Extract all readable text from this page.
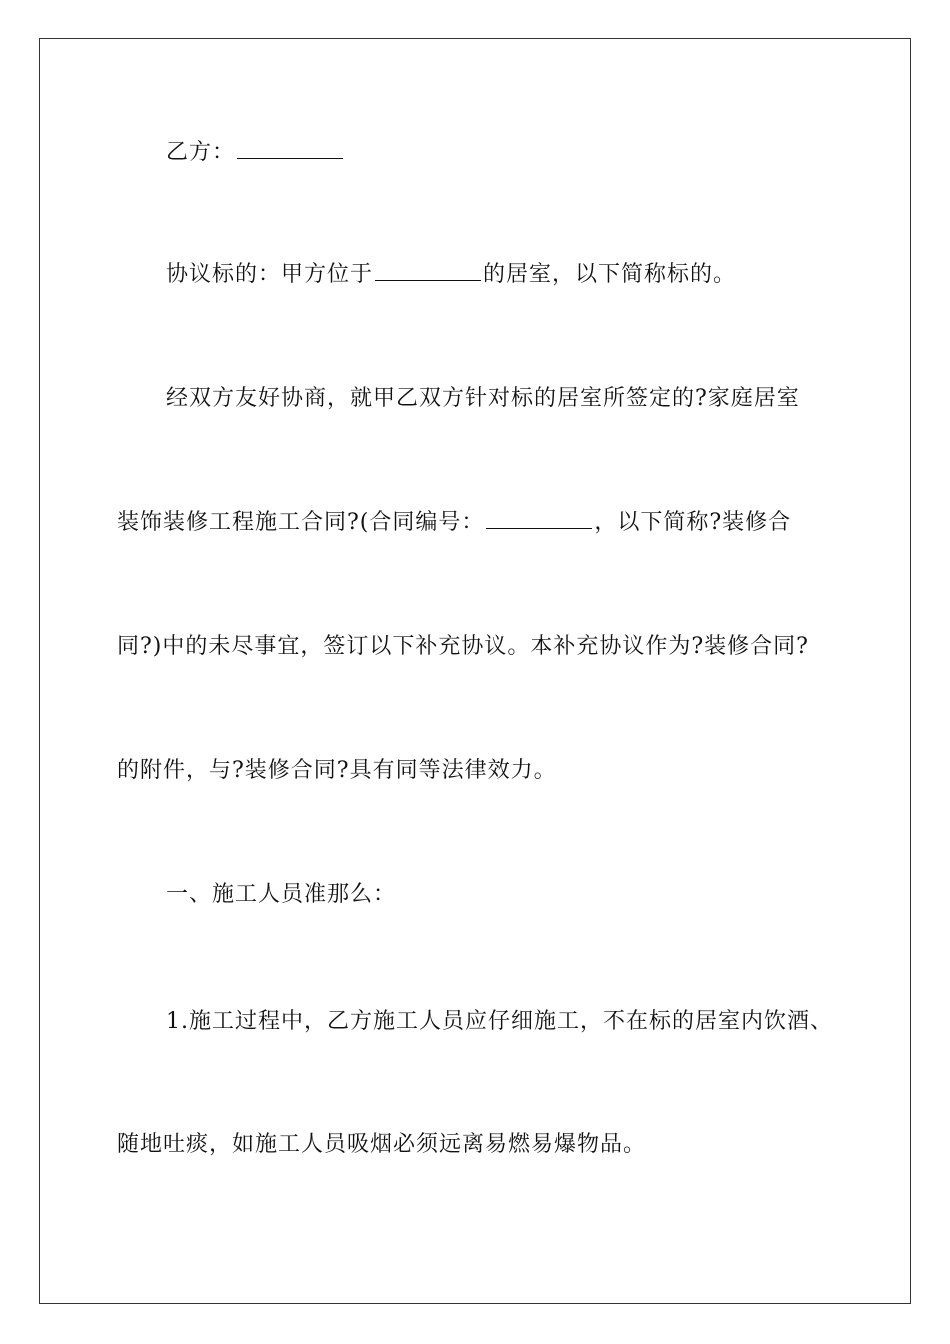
乙方：
协议标的：甲方位于	的居室，以下简称标的。
经双方友好协商，就甲乙双方针对标的居室所签定的?家庭居室
装饰装修工程施工合同?(合同编号：	，以下简称?装修合
同?)中的未尽事宜，签订以下补充协议。本补充协议作为?装修合同?
的附件，与?装修合同?具有同等法律效力。
一、施工人员准那么：
1.施工过程中，乙方施工人员应仔细施工，不在标的居室内饮酒、
随地吐痰，如施工人员吸烟必须远离易燃易爆物品。
